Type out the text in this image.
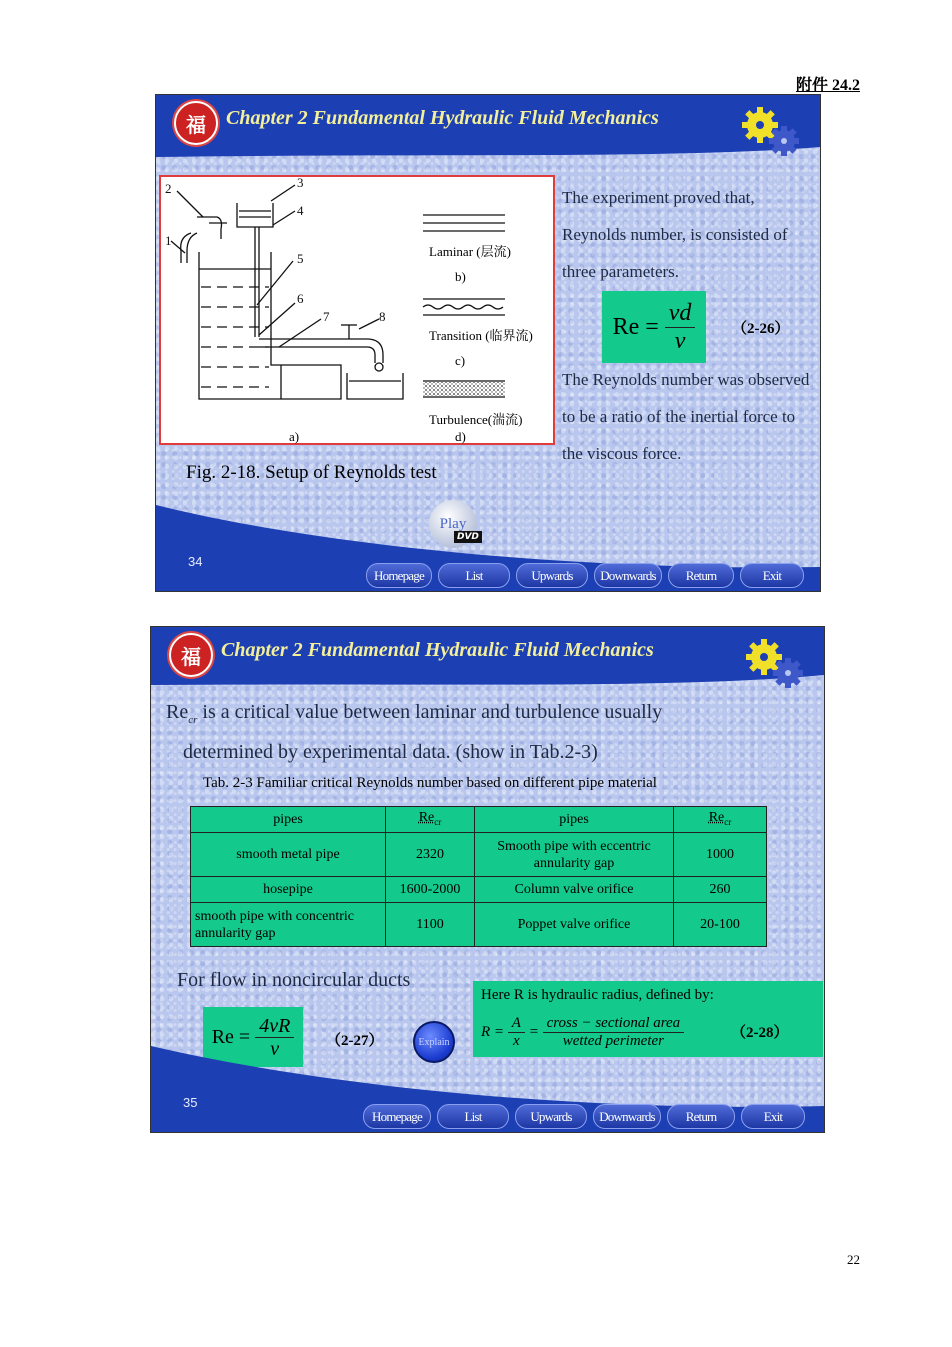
附件 24.2
福	Chapter 2 Fundamental Hydraulic Fluid Mechanics
2
1
3
4
5
6
7	8
Laminar (层流)
b)
Transition (临界流)
c)
Turbulence(湍流)
d)
a)
The experiment proved that, Reynolds number, is consisted of three parameters.
Re =
$\frac{vd}{\nu} (2-26)$
The Reynolds number was observed to be a ratio of the inertial force to the viscous force.
Fig. 2-18. Setup of Reynolds test
Play
DVD
34
Homepage	List	Upwards	Downwards	Return	Exit
福	Chapter 2 Fundamental Hydraulic Fluid Mechanics
$Re_{cr}$ is a critical value between laminar and turbulence usually
determined by experimental data. (show in Tab.2-3)
Tab. 2-3 Familiar critical Reynolds number based on different pipe material
pipes	$Re_{cr}$	pipes	$Re_{cr}$
smooth metal pipe	2320	Smooth pipe with eccentric annularity gap	1000
hosepipe	1600-2000	Column valve orifice	260
smooth pipe with concentric annularity gap	1100	Poppet valve orifice	20-100
For flow in noncircular ducts
Re =
$\frac{4vR}{\nu} (2-27)$	Explain
Here R is hydraulic radius, defined by:
R =
$\frac{A}{x}$
=
$\frac{\text{cross − sectional area}}{\text{wetted perimeter}}$	（2-28）
35
Homepage	List	Upwards	Downwards	Return	Exit
22
